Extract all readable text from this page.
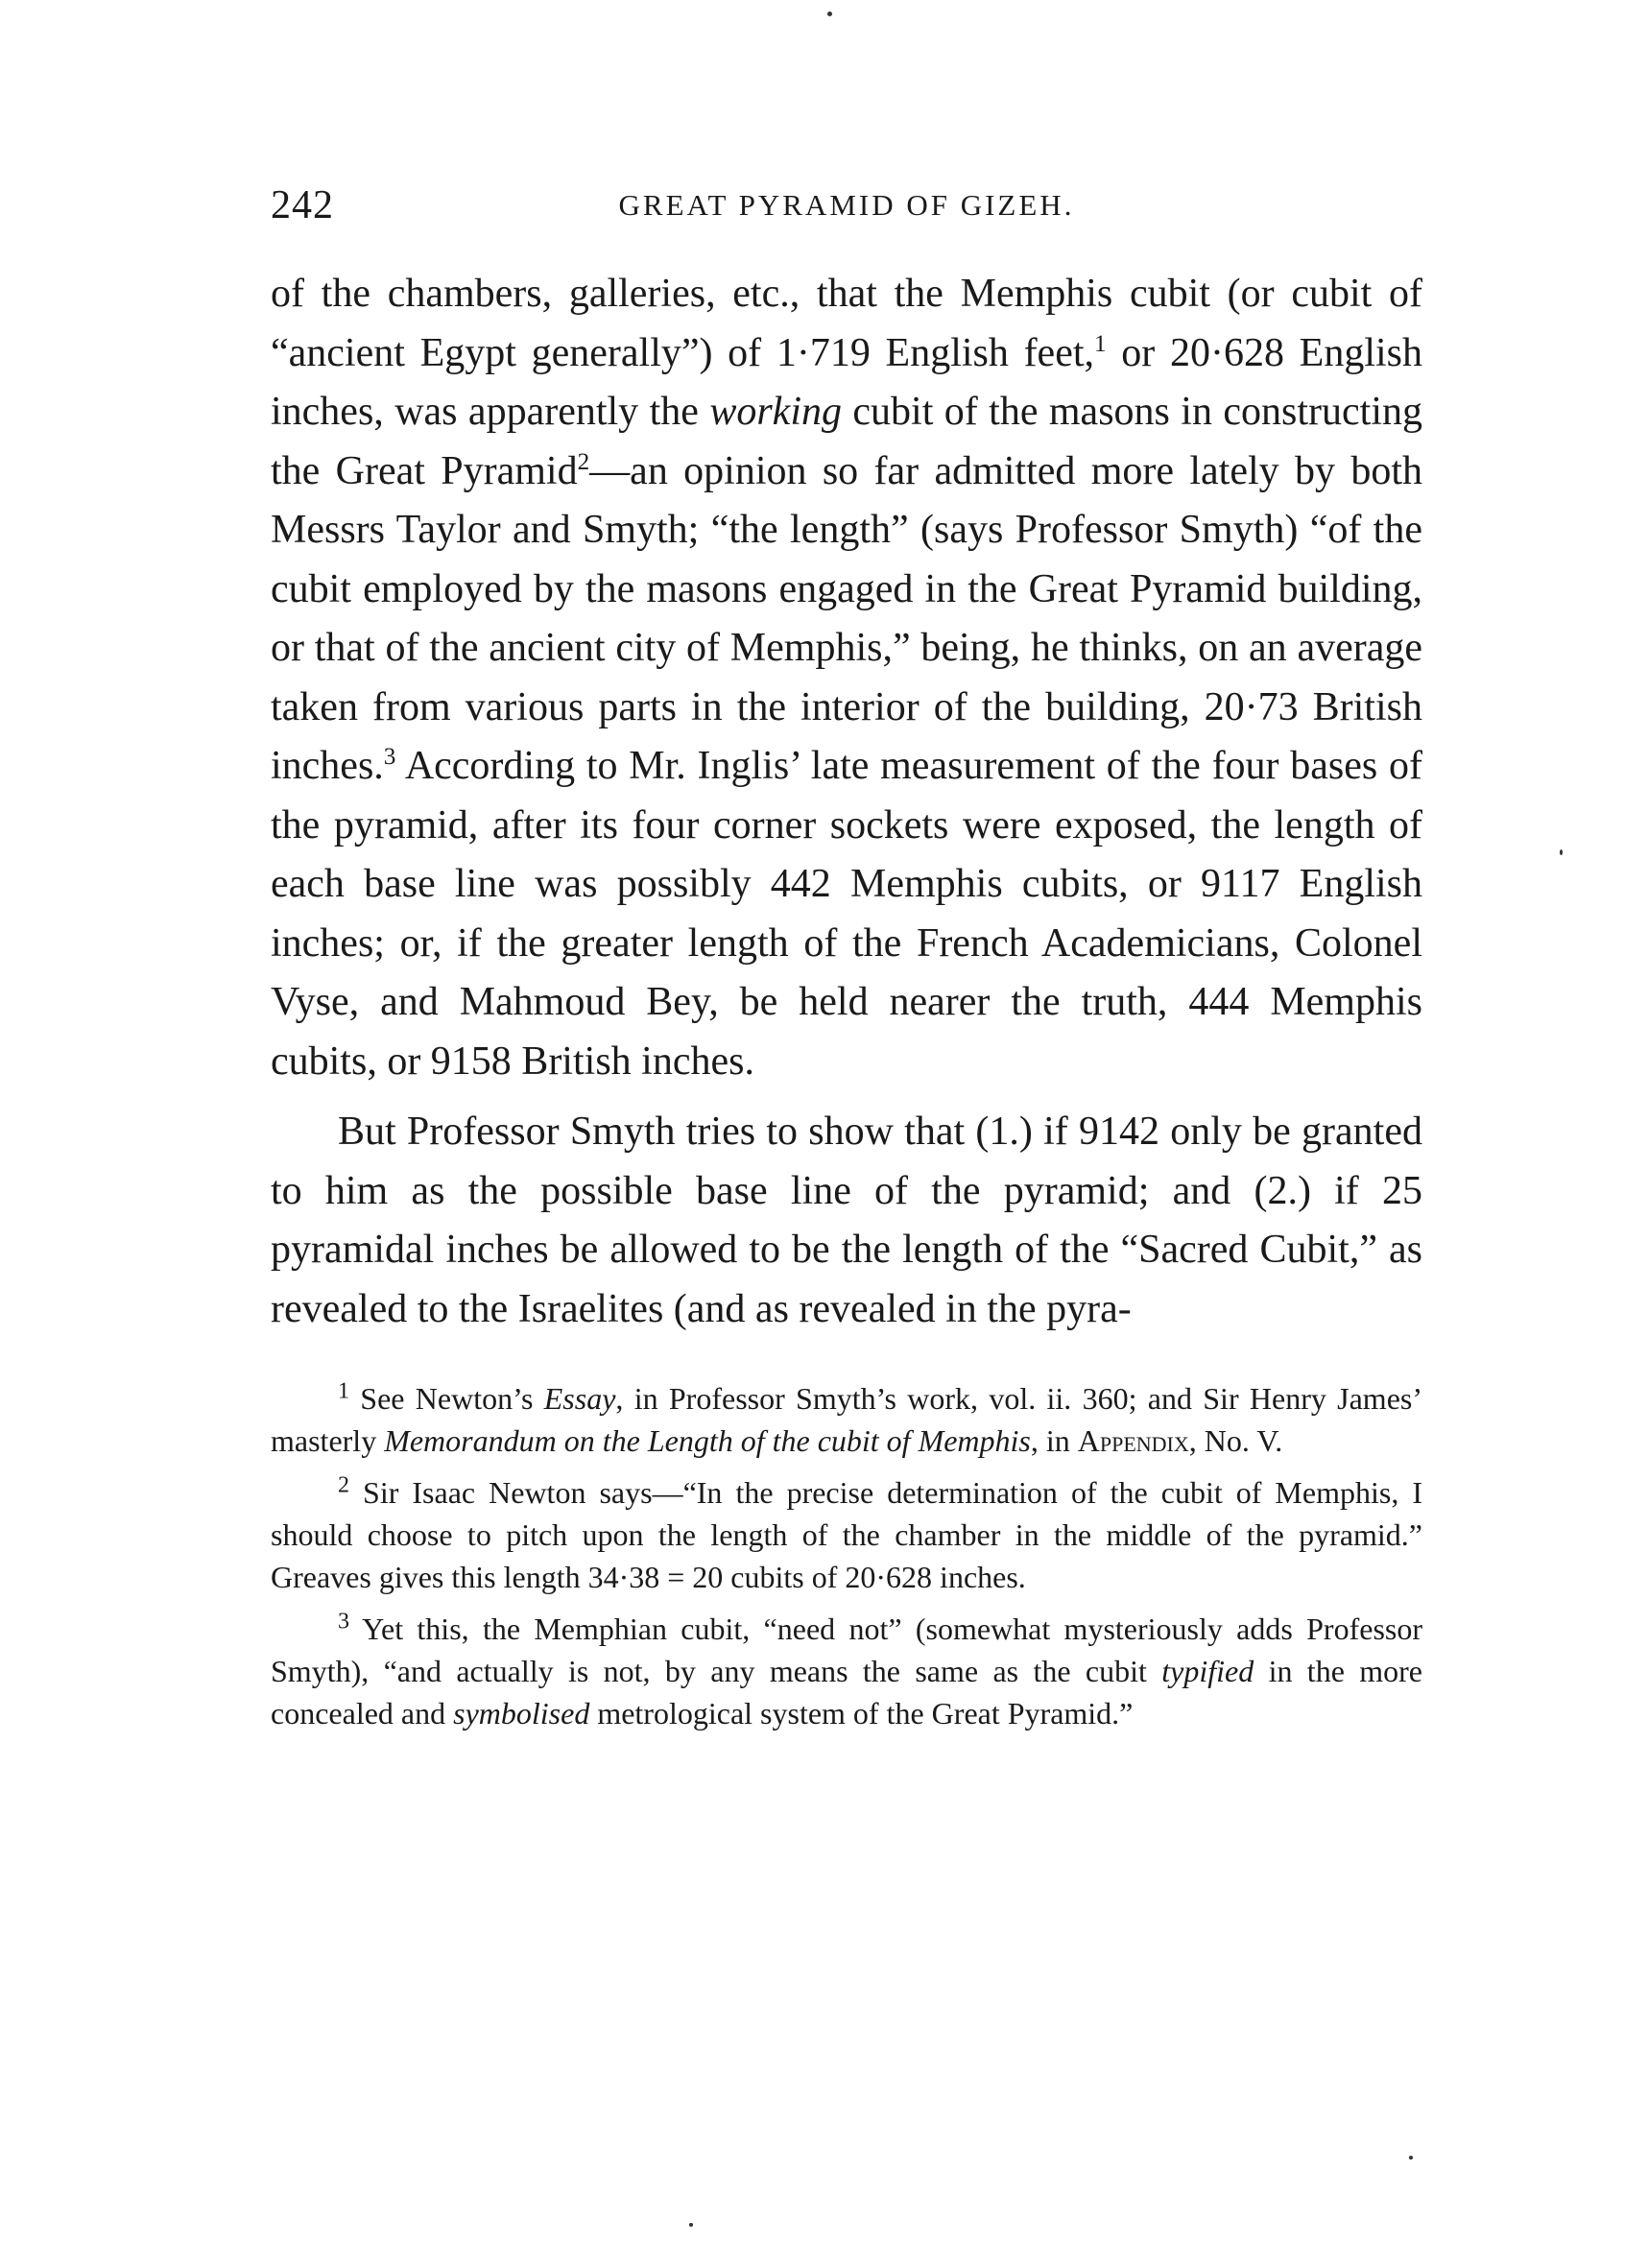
242	GREAT PYRAMID OF GIZEH.

of the chambers, galleries, etc., that the Memphis cubit (or cubit of “ancient Egypt generally”) of 1·719 English feet,$^1$ or 20·628 English inches, was apparently the working cubit of the masons in constructing the Great Pyramid$^2$—an opinion so far admitted more lately by both Messrs Taylor and Smyth; “the length” (says Professor Smyth) “of the cubit employed by the masons engaged in the Great Pyramid building, or that of the ancient city of Memphis,” being, he thinks, on an average taken from various parts in the interior of the building, 20·73 British inches.$^3$ According to Mr. Inglis’ late measurement of the four bases of the pyramid, after its four corner sockets were exposed, the length of each base line was possibly 442 Memphis cubits, or 9117 English inches; or, if the greater length of the French Academicians, Colonel Vyse, and Mahmoud Bey, be held nearer the truth, 444 Memphis cubits, or 9158 British inches.

But Professor Smyth tries to show that (1.) if 9142 only be granted to him as the possible base line of the pyramid; and (2.) if 25 pyramidal inches be allowed to be the length of the “Sacred Cubit,” as revealed to the Israelites (and as revealed in the pyra-

$^1$ See Newton’s Essay, in Professor Smyth’s work, vol. ii. 360; and Sir Henry James’ masterly Memorandum on the Length of the cubit of Memphis, in Appendix, No. V.

$^2$ Sir Isaac Newton says—“In the precise determination of the cubit of Memphis, I should choose to pitch upon the length of the chamber in the middle of the pyramid.” Greaves gives this length 34·38 = 20 cubits of 20·628 inches.

$^3$ Yet this, the Memphian cubit, “need not” (somewhat mysteriously adds Professor Smyth), “and actually is not, by any means the same as the cubit typified in the more concealed and symbolised metrological system of the Great Pyramid.”
